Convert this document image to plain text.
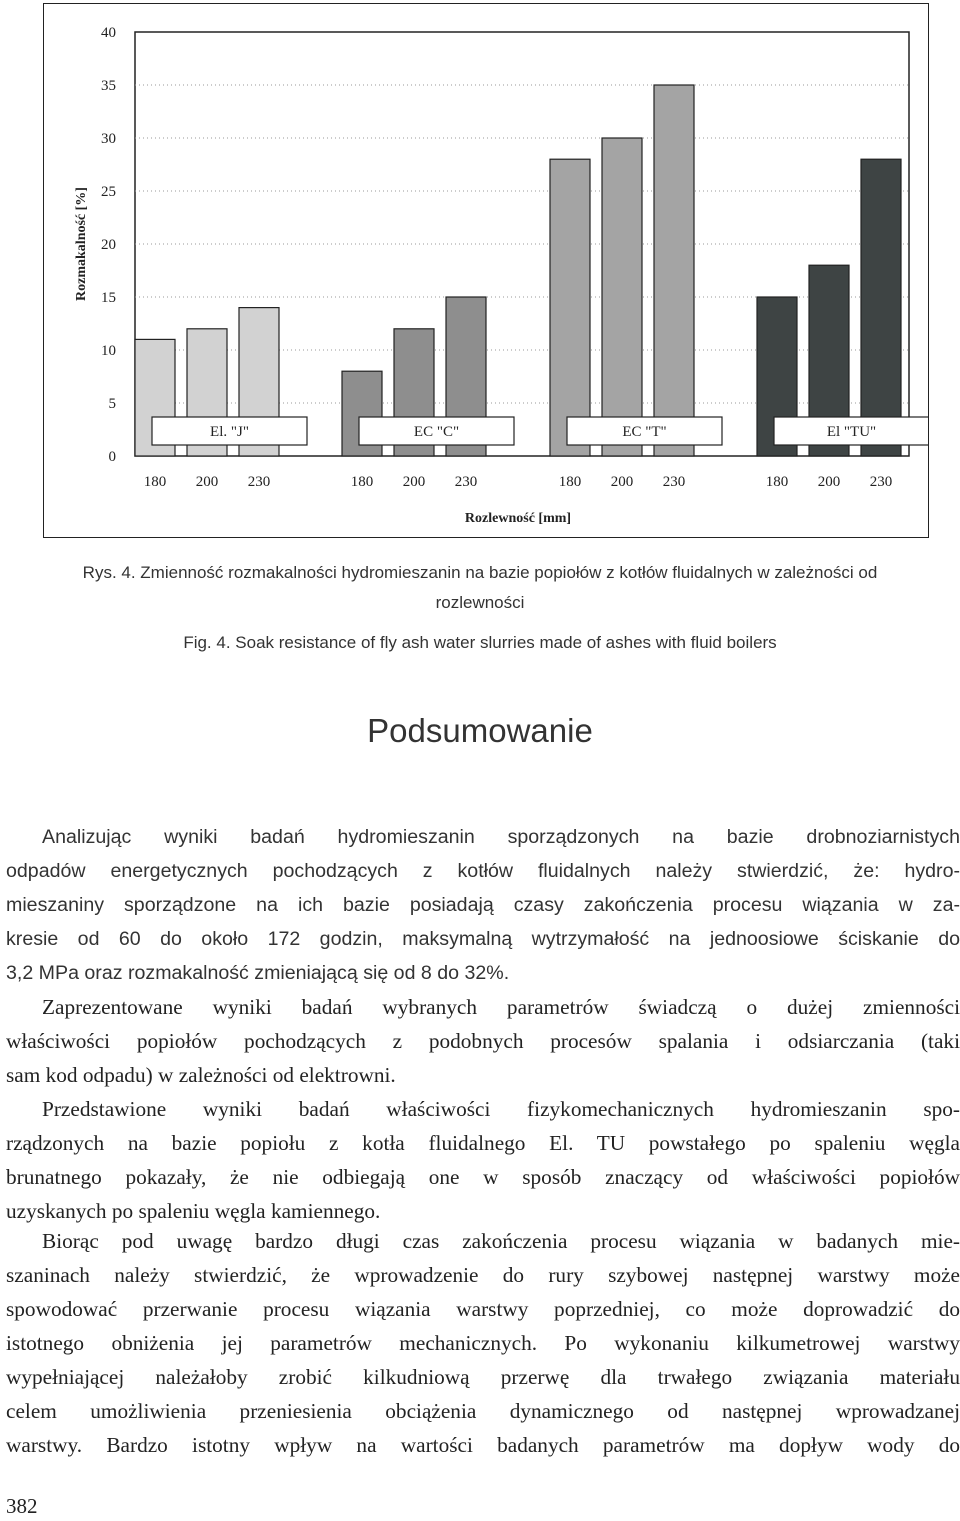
0
5
10
15
20
25
30
35
40
Rozmakalność [%]
180 200 230
El. "J"
180 200 230
EC "C"
180 200 230
EC "T"
180 200 230
El "TU"
Rozlewność [mm]
Rys. 4. Zmienność rozmakalności hydromieszanin na bazie popiołów z kotłów fluidalnych w zależności od
rozlewności
Fig. 4. Soak resistance of fly ash water slurries made of ashes with fluid boilers
Podsumowanie
Analizując wyniki badań hydromieszanin sporządzonych na bazie drobnoziarnistych
odpadów energetycznych pochodzących z kotłów fluidalnych należy stwierdzić, że: hydro-
mieszaniny sporządzone na ich bazie posiadają czasy zakończenia procesu wiązania w za-
kresie od 60 do około 172 godzin, maksymalną wytrzymałość na jednoosiowe ściskanie do
3,2 MPa oraz rozmakalność zmieniającą się od 8 do 32%.
Zaprezentowane wyniki badań wybranych parametrów świadczą o dużej zmienności
właściwości popiołów pochodzących z podobnych procesów spalania i odsiarczania (taki
sam kod odpadu) w zależności od elektrowni.
Przedstawione wyniki badań właściwości fizykomechanicznych hydromieszanin spo-
rządzonych na bazie popiołu z kotła fluidalnego El. TU powstałego po spaleniu węgla
brunatnego pokazały, że nie odbiegają one w sposób znaczący od właściwości popiołów
uzyskanych po spaleniu węgla kamiennego.
Biorąc pod uwagę bardzo długi czas zakończenia procesu wiązania w badanych mie-
szaninach należy stwierdzić, że wprowadzenie do rury szybowej następnej warstwy może
spowodować przerwanie procesu wiązania warstwy poprzedniej, co może doprowadzić do
istotnego obniżenia jej parametrów mechanicznych. Po wykonaniu kilkumetrowej warstwy
wypełniającej należałoby zrobić kilkudniową przerwę dla trwałego związania materiału
celem umożliwienia przeniesienia obciążenia dynamicznego od następnej wprowadzanej
warstwy. Bardzo istotny wpływ na wartości badanych parametrów ma dopływ wody do
382
